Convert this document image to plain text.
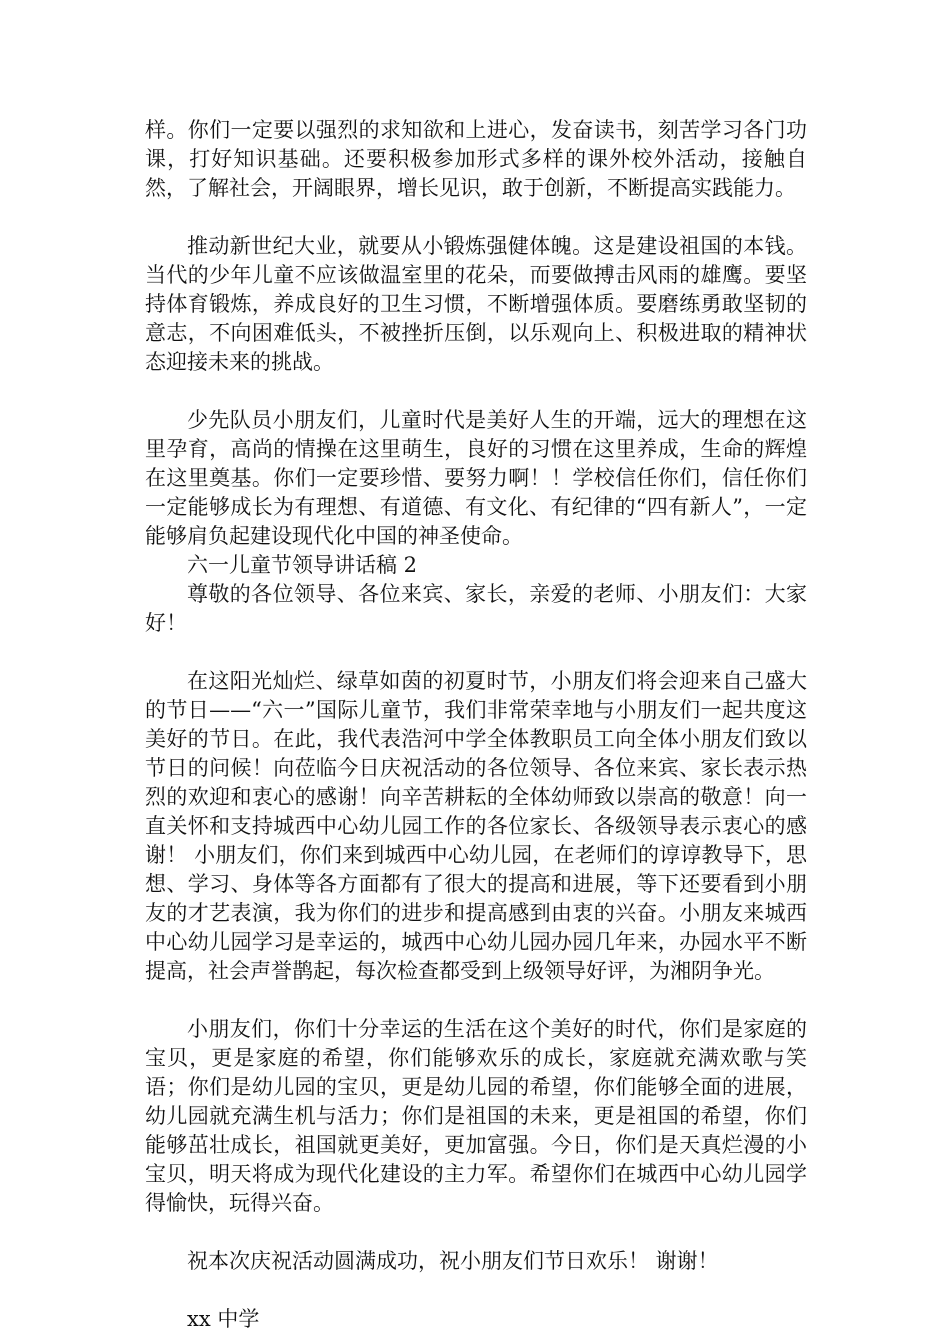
样。你们一定要以强烈的求知欲和上进心，发奋读书，刻苦学习各门功课，打好知识基础。还要积极参加形式多样的课外校外活动，接触自然，了解社会，开阔眼界，增长见识，敢于创新，不断提高实践能力。

推动新世纪大业，就要从小锻炼强健体魄。这是建设祖国的本钱。当代的少年儿童不应该做温室里的花朵，而要做搏击风雨的雄鹰。要坚持体育锻炼，养成良好的卫生习惯，不断增强体质。要磨练勇敢坚韧的意志，不向困难低头，不被挫折压倒，以乐观向上、积极进取的精神状态迎接未来的挑战。

少先队员小朋友们，儿童时代是美好人生的开端，远大的理想在这里孕育，高尚的情操在这里萌生，良好的习惯在这里养成，生命的辉煌在这里奠基。你们一定要珍惜、要努力啊！！学校信任你们，信任你们一定能够成长为有理想、有道德、有文化、有纪律的“四有新人”，一定能够肩负起建设现代化中国的神圣使命。

六一儿童节领导讲话稿 2

尊敬的各位领导、各位来宾、家长，亲爱的老师、小朋友们：大家好！

在这阳光灿烂、绿草如茵的初夏时节，小朋友们将会迎来自己盛大的节日——“六一”国际儿童节，我们非常荣幸地与小朋友们一起共度这美好的节日。在此，我代表浩河中学全体教职员工向全体小朋友们致以节日的问候！向莅临今日庆祝活动的各位领导、各位来宾、家长表示热烈的欢迎和衷心的感谢！向辛苦耕耘的全体幼师致以崇高的敬意！向一直关怀和支持城西中心幼儿园工作的各位家长、各级领导表示衷心的感谢！ 小朋友们，你们来到城西中心幼儿园，在老师们的谆谆教导下，思想、学习、身体等各方面都有了很大的提高和进展，等下还要看到小朋友的才艺表演，我为你们的进步和提高感到由衷的兴奋。小朋友来城西中心幼儿园学习是幸运的，城西中心幼儿园办园几年来，办园水平不断提高，社会声誉鹊起，每次检查都受到上级领导好评，为湘阴争光。

小朋友们，你们十分幸运的生活在这个美好的时代，你们是家庭的宝贝，更是家庭的希望，你们能够欢乐的成长，家庭就充满欢歌与笑语；你们是幼儿园的宝贝，更是幼儿园的希望，你们能够全面的进展，幼儿园就充满生机与活力；你们是祖国的未来，更是祖国的希望，你们能够茁壮成长，祖国就更美好，更加富强。今日，你们是天真烂漫的小宝贝，明天将成为现代化建设的主力军。希望你们在城西中心幼儿园学得愉快，玩得兴奋。

祝本次庆祝活动圆满成功，祝小朋友们节日欢乐！ 谢谢！

xx 中学
